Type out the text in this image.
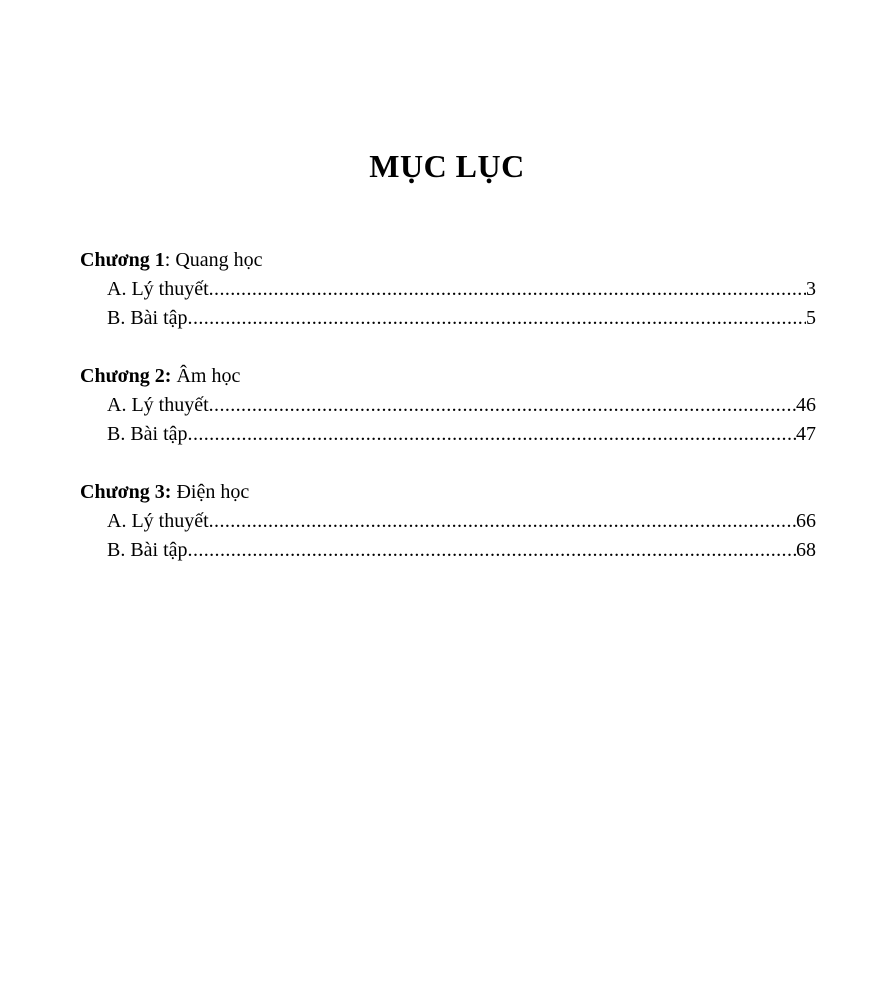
MỤC LỤC
Chương 1: Quang học
A. Lý thuyết .....	3
B. Bài tập .....	5
Chương 2: Âm học
A. Lý thuyết .....	46
B. Bài tập .....	47
Chương 3: Điện học
A. Lý thuyết .....	66
B. Bài tập .....	68
